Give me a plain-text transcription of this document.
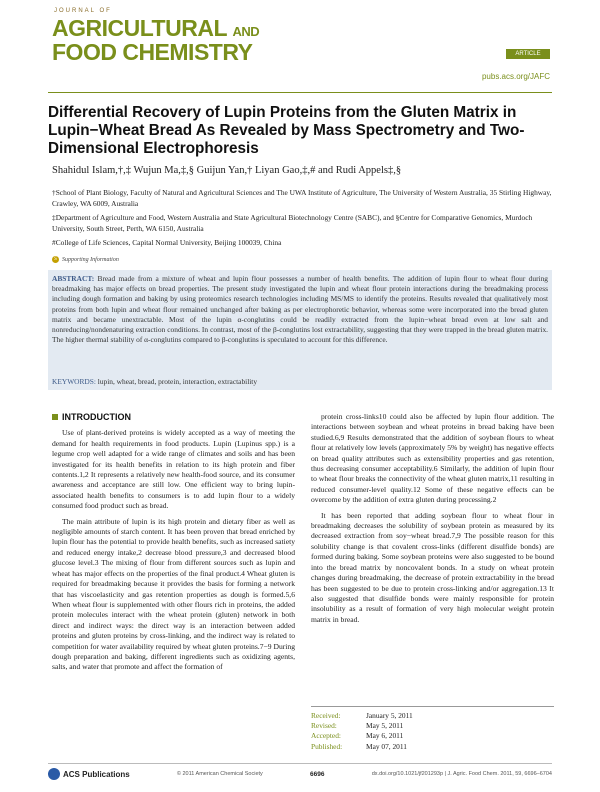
JOURNAL OF
AGRICULTURAL AND
FOOD CHEMISTRY	ARTICLE
pubs.acs.org/JAFC
Differential Recovery of Lupin Proteins from the Gluten Matrix in Lupin−Wheat Bread As Revealed by Mass Spectrometry and Two-Dimensional Electrophoresis
Shahidul Islam,†,‡ Wujun Ma,‡,§ Guijun Yan,† Liyan Gao,‡,# and Rudi Appels‡,§

†School of Plant Biology, Faculty of Natural and Agricultural Sciences and The UWA Institute of Agriculture, The University of Western Australia, 35 Stirling Highway, Crawley, WA 6009, Australia

‡Department of Agriculture and Food, Western Australia and State Agricultural Biotechnology Centre (SABC), and §Centre for Comparative Genomics, Murdoch University, South Street, Perth, WA 6150, Australia

#College of Life Sciences, Capital Normal University, Beijing 100039, China

S Supporting Information
ABSTRACT: Bread made from a mixture of wheat and lupin flour possesses a number of health benefits. The addition of lupin flour to wheat flour during breadmaking has major effects on bread properties. The present study investigated the lupin and wheat flour protein interactions during the breadmaking process including dough formation and baking by using proteomics research technologies including MS/MS to identify the proteins. Results revealed that qualitatively most proteins from both lupin and wheat flour remained unchanged after baking as per electrophoretic behavior, whereas some were incorporated into the bread gluten matrix and became unextractable. Most of the lupin α-conglutins could be readily extracted from the lupin−wheat bread even at low salt and nonreducing/nondenaturing extraction conditions. In contrast, most of the β-conglutins lost extractability, suggesting that they were trapped in the bread gluten matrix. The higher thermal stability of α-conglutins compared to β-conglutins is speculated to account for this difference.
KEYWORDS: lupin, wheat, bread, protein, interaction, extractability
INTRODUCTION

Use of plant-derived proteins is widely accepted as a way of meeting the demand for health requirements in food products. Lupin (Lupinus spp.) is a legume crop well adapted for a wide range of climates and soils and has been investigated for its health benefits in relation to its high protein and fiber contents.1,2 It represents a relatively new health-food source, and its consumer awareness and acceptance are still low. One efficient way to bring lupin-associated health benefits to consumers is to add lupin flour to a widely consumed food product such as bread.

The main attribute of lupin is its high protein and dietary fiber as well as negligible amounts of starch content. It has been proven that bread enriched by lupin flour has the potential to provide health benefits, such as increased satiety and reduced energy intake,2 decrease blood pressure,3 and decreased blood glucose level.3 The mixing of flour from different sources such as lupin and wheat has major effects on the properties of the final product.4 Wheat gluten is required for breadmaking because it provides the basis for forming a network that has viscoelasticity and gas retention properties as dough is formed.5,6 When wheat flour is supplemented with other flours rich in proteins, the added protein molecules interact with the wheat protein (gluten) network in both direct and indirect ways: the direct way is an interaction between added proteins and gluten proteins by cross-linking, and the indirect way is related to competition for water availability required by wheat gluten proteins.7−9 During dough preparation and baking, different ingredients such as oxidizing agents, salts, and water that promote and affect the formation of

protein cross-links10 could also be affected by lupin flour addition. The interactions between soybean and wheat proteins in bread baking have been studied.6,9 Results demonstrated that the addition of soybean flours to wheat flour at relatively low levels (approximately 5% by weight) has negative effects on bread quality attributes such as extensibility properties and gas retention, thus decreasing consumer acceptability.6 Similarly, the addition of lupin flour to wheat flour breaks the connectivity of the wheat gluten matrix,11 resulting in reduced consumer-level quality.12 Some of these negative effects can be overcome by the addition of extra gluten during processing.2

It has been reported that adding soybean flour to wheat flour in breadmaking decreases the solubility of soybean protein as measured by its decreased extraction from soy−wheat bread.7,9 The possible reason for this solubility change is that covalent cross-links (different disulfide bonds) are formed during baking. Some soybean proteins were also suggested to be bound into the bread matrix by noncovalent bonds. In a study on wheat protein changes during breadmaking, the decrease of protein extractability in the bread has been suggested to be due to protein cross-linking and/or aggregation.13 It also suggested that disulfide bonds were mainly responsible for protein insolubility as a result of formation of very high molecular weight protein matrix in bread.

Received:	January 5, 2011
Revised:	May 5, 2011
Accepted:	May 6, 2011
Published:	May 07, 2011
ACS Publications	© 2011 American Chemical Society	6696	dx.doi.org/10.1021/jf201293p | J. Agric. Food Chem. 2011, 59, 6696–6704
